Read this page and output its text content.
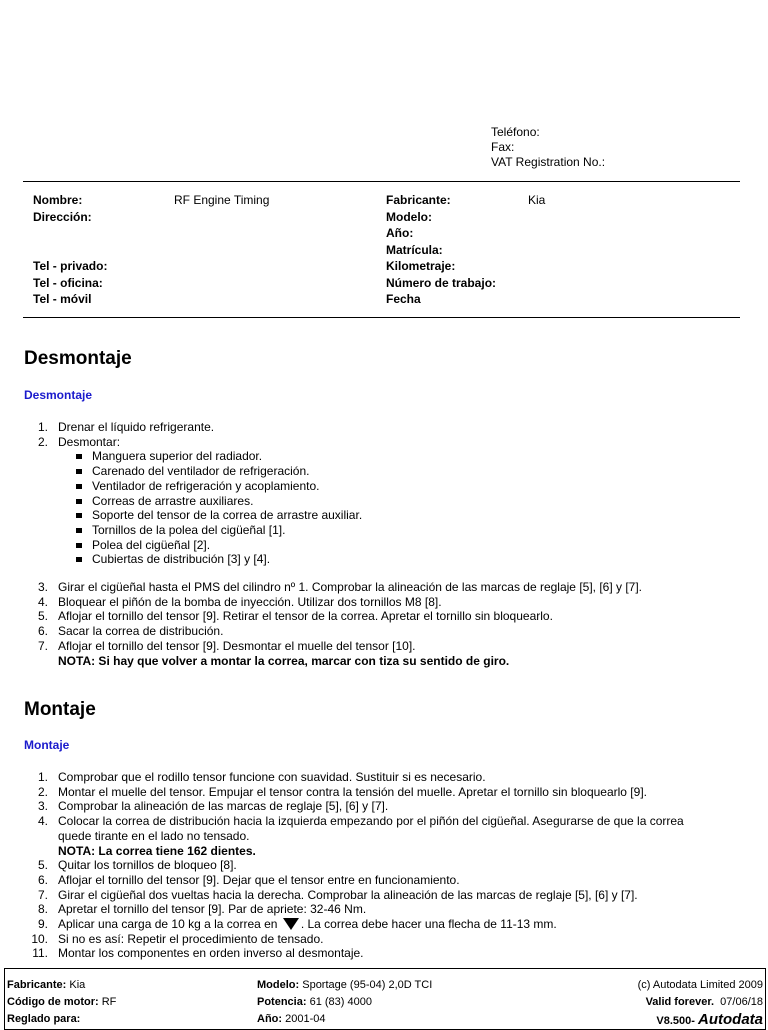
Teléfono:
Fax:
VAT Registration No.:
Nombre:
Dirección:
Tel - privado:
Tel - oficina:
Tel - móvil
RF Engine Timing	Fabricante:
Modelo:
Año:
Matrícula:
Kilometraje:
Número de trabajo:
Fecha
Kia
Desmontaje
Desmontaje
1. Drenar el líquido refrigerante.
2. Desmontar:
Manguera superior del radiador.
Carenado del ventilador de refrigeración.
Ventilador de refrigeración y acoplamiento.
Correas de arrastre auxiliares.
Soporte del tensor de la correa de arrastre auxiliar.
Tornillos de la polea del cigüeñal [1].
Polea del cigüeñal [2].
Cubiertas de distribución [3] y [4].
3. Girar el cigüeñal hasta el PMS del cilindro nº 1. Comprobar la alineación de las marcas de reglaje [5], [6] y [7].
4. Bloquear el piñón de la bomba de inyección. Utilizar dos tornillos M8 [8].
5. Aflojar el tornillo del tensor [9]. Retirar el tensor de la correa. Apretar el tornillo sin bloquearlo.
6. Sacar la correa de distribución.
7. Aflojar el tornillo del tensor [9]. Desmontar el muelle del tensor [10].
NOTA: Si hay que volver a montar la correa, marcar con tiza su sentido de giro.
Montaje
Montaje
1. Comprobar que el rodillo tensor funcione con suavidad. Sustituir si es necesario.
2. Montar el muelle del tensor. Empujar el tensor contra la tensión del muelle. Apretar el tornillo sin bloquearlo [9].
3. Comprobar la alineación de las marcas de reglaje [5], [6] y [7].
4. Colocar la correa de distribución hacia la izquierda empezando por el piñón del cigüeñal. Asegurarse de que la correa
quede tirante en el lado no tensado.
NOTA: La correa tiene 162 dientes.
5. Quitar los tornillos de bloqueo [8].
6. Aflojar el tornillo del tensor [9]. Dejar que el tensor entre en funcionamiento.
7. Girar el cigüeñal dos vueltas hacia la derecha. Comprobar la alineación de las marcas de reglaje [5], [6] y [7].
8. Apretar el tornillo del tensor [9]. Par de apriete: 32-46 Nm.
9. Aplicar una carga de 10 kg a la correa en . La correa debe hacer una flecha de 11-13 mm.
10. Si no es así: Repetir el procedimiento de tensado.
11. Montar los componentes en orden inverso al desmontaje.
Fabricante: Kia
Código de motor: RF
Reglado para:
Modelo: Sportage (95-04) 2,0D TCI
Potencia: 61 (83) 4000
Año: 2001-04
(c) Autodata Limited 2009
Valid forever. 07/06/18
V8.500- Autodata
